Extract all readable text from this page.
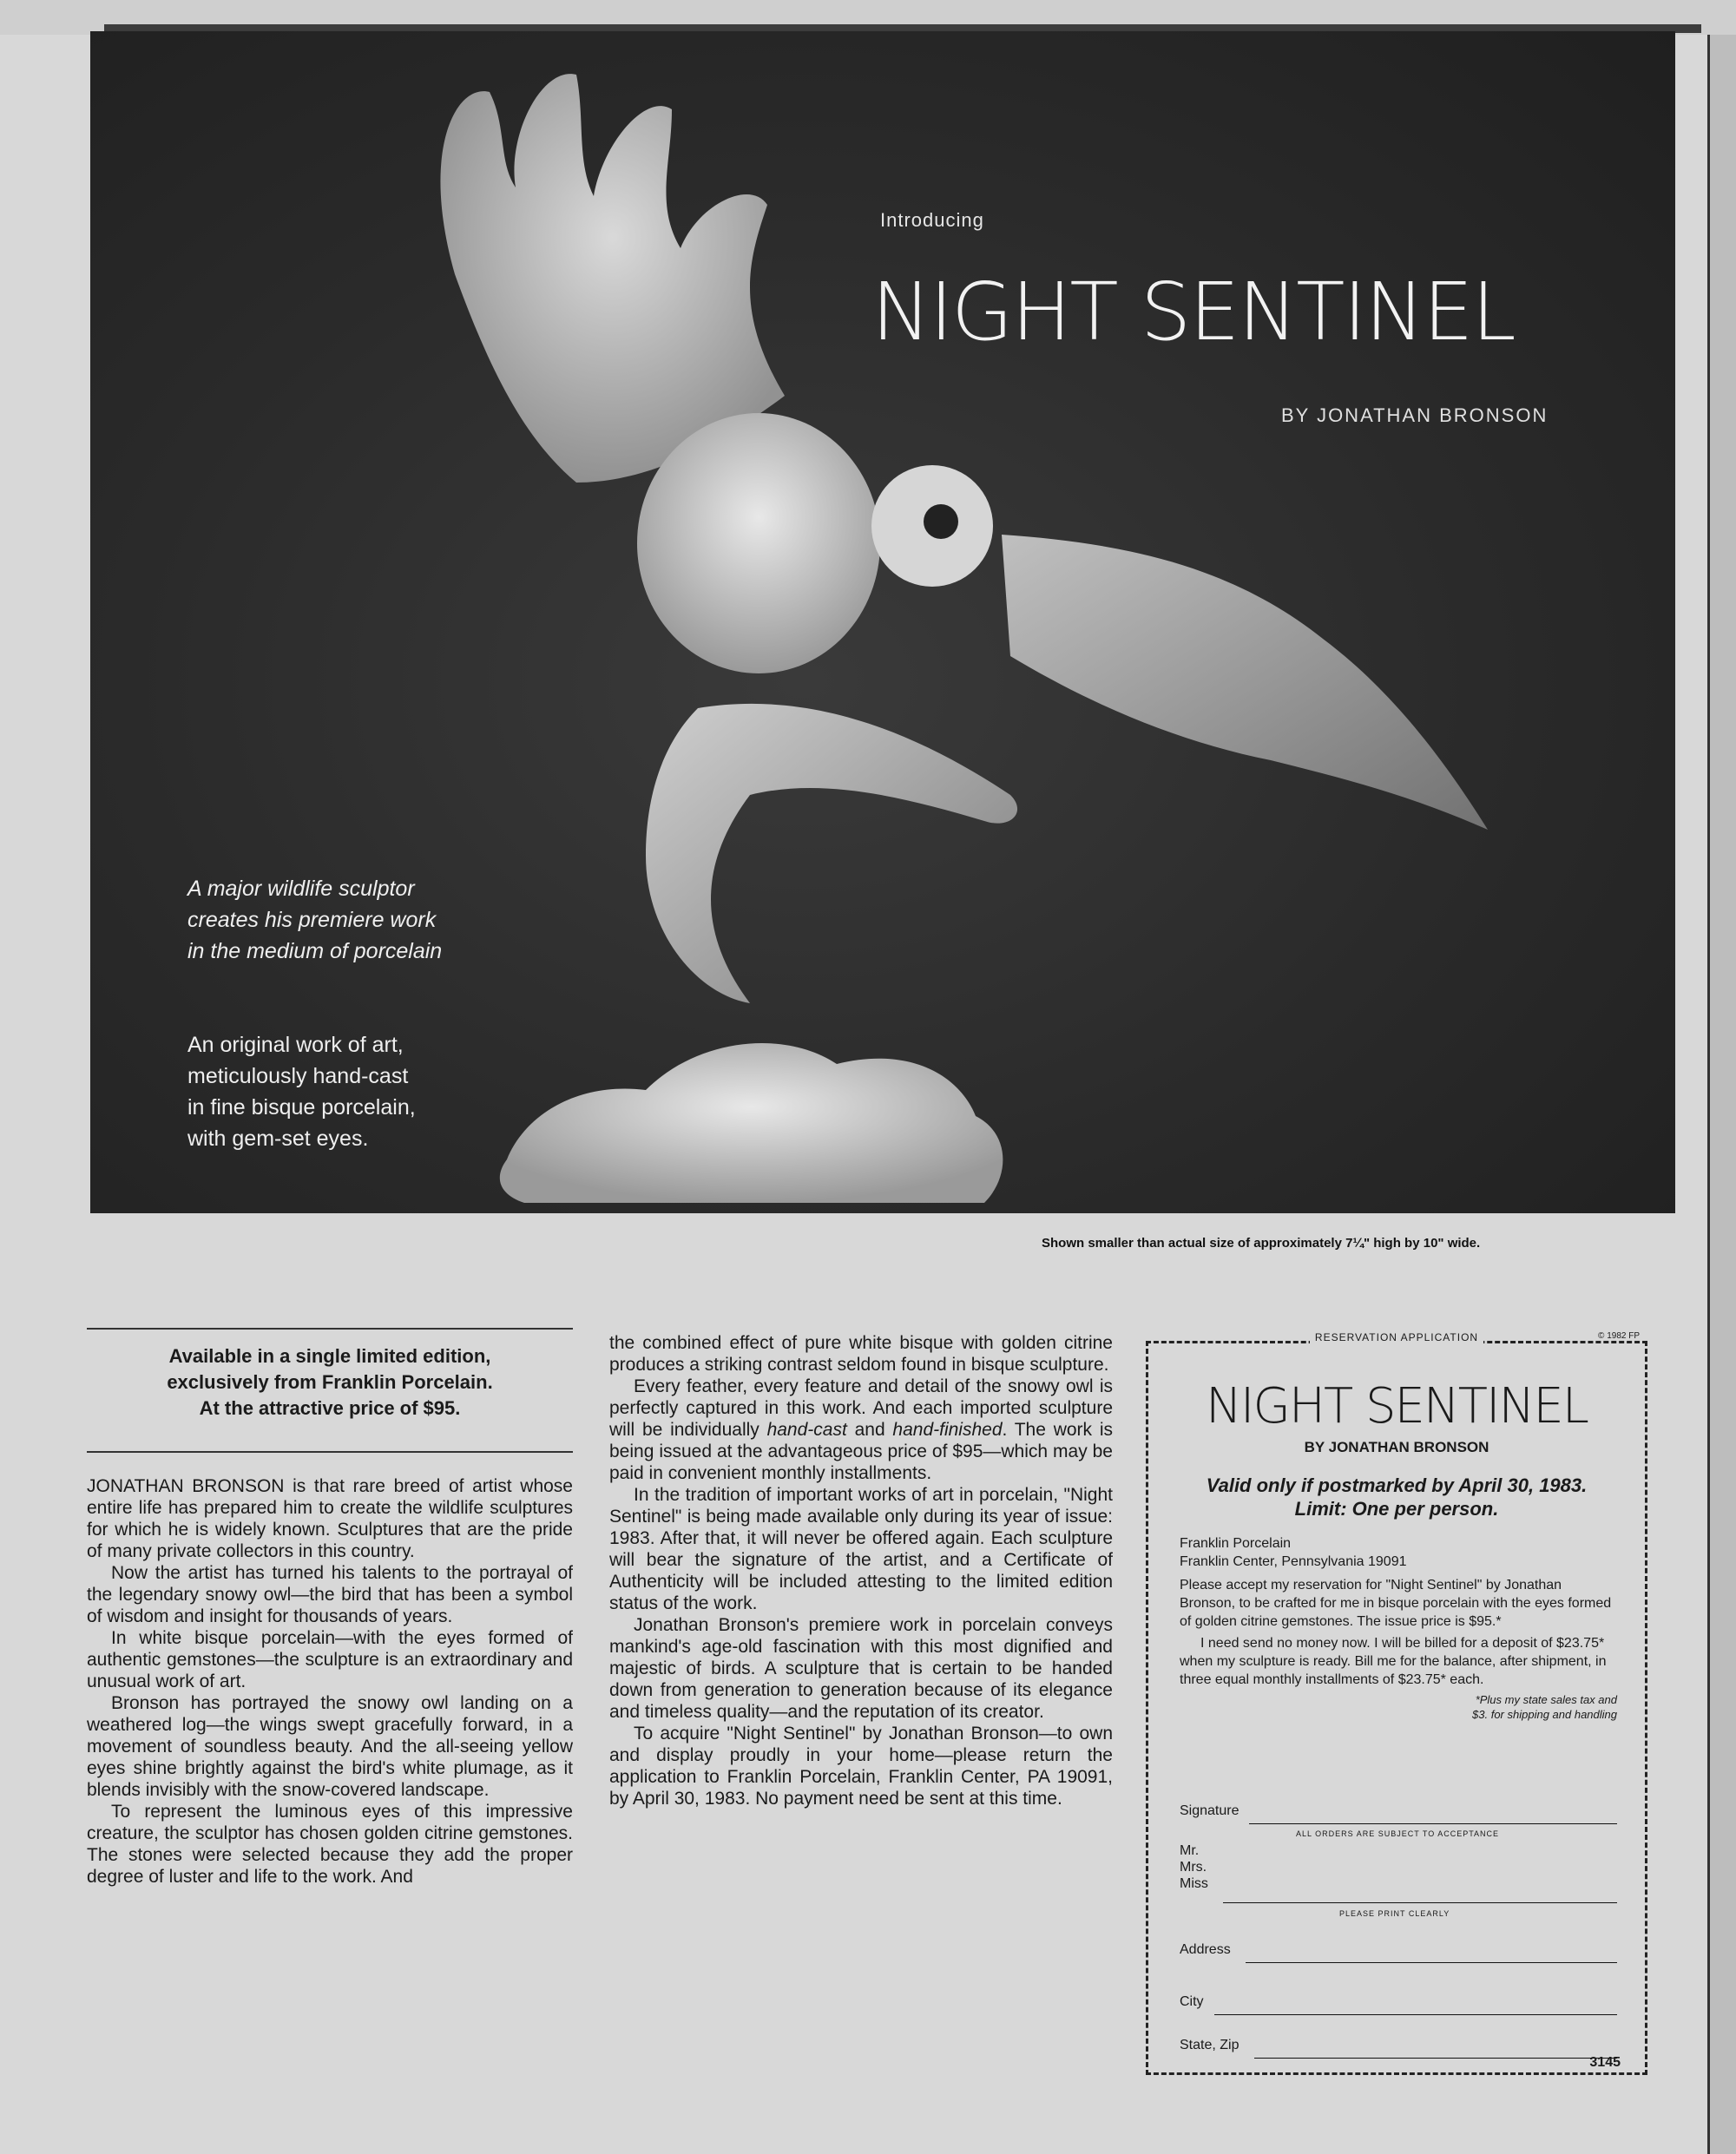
Introducing
NIGHT SENTINEL
BY JONATHAN BRONSON
A major wildlife sculptor
creates his premiere work
in the medium of porcelain
An original work of art,
meticulously hand-cast
in fine bisque porcelain,
with gem-set eyes.
Shown smaller than actual size of approximately 7¼" high by 10" wide.
Available in a single limited edition,
exclusively from Franklin Porcelain.
At the attractive price of $95.

JONATHAN BRONSON is that rare breed of artist whose entire life has prepared him to create the wildlife sculptures for which he is widely known. Sculptures that are the pride of many private collectors in this country.

Now the artist has turned his talents to the portrayal of the legendary snowy owl—the bird that has been a symbol of wisdom and insight for thousands of years.

In white bisque porcelain—with the eyes formed of authentic gemstones—the sculpture is an extraordinary and unusual work of art.

Bronson has portrayed the snowy owl landing on a weathered log—the wings swept gracefully forward, in a movement of soundless beauty. And the all-seeing yellow eyes shine brightly against the bird's white plumage, as it blends invisibly with the snow-covered landscape.

To represent the luminous eyes of this impressive creature, the sculptor has chosen golden citrine gemstones. The stones were selected because they add the proper degree of luster and life to the work. And

the combined effect of pure white bisque with golden citrine produces a striking contrast seldom found in bisque sculpture.

Every feather, every feature and detail of the snowy owl is perfectly captured in this work. And each imported sculpture will be individually hand-cast and hand-finished. The work is being issued at the advantageous price of $95—which may be paid in convenient monthly installments.

In the tradition of important works of art in porcelain, "Night Sentinel" is being made available only during its year of issue: 1983. After that, it will never be offered again. Each sculpture will bear the signature of the artist, and a Certificate of Authenticity will be included attesting to the limited edition status of the work.

Jonathan Bronson's premiere work in porcelain conveys mankind's age-old fascination with this most dignified and majestic of birds. A sculpture that is certain to be handed down from generation to generation because of its elegance and timeless quality—and the reputation of its creator.

To acquire "Night Sentinel" by Jonathan Bronson—to own and display proudly in your home—please return the application to Franklin Porcelain, Franklin Center, PA 19091, by April 30, 1983. No payment need be sent at this time.

RESERVATION APPLICATION	© 1982 FP
NIGHT SENTINEL
BY JONATHAN BRONSON
Valid only if postmarked by April 30, 1983.
Limit: One per person.
Franklin Porcelain
Franklin Center, Pennsylvania 19091

Please accept my reservation for "Night Sentinel" by Jonathan Bronson, to be crafted for me in bisque porcelain with the eyes formed of golden citrine gemstones. The issue price is $95.*

I need send no money now. I will be billed for a deposit of $23.75* when my sculpture is ready. Bill me for the balance, after shipment, in three equal monthly installments of $23.75* each.

*Plus my state sales tax and
$3. for shipping and handling
Signature
ALL ORDERS ARE SUBJECT TO ACCEPTANCE
Mr.
Mrs.
Miss
PLEASE PRINT CLEARLY
Address
City
State, Zip
3145
